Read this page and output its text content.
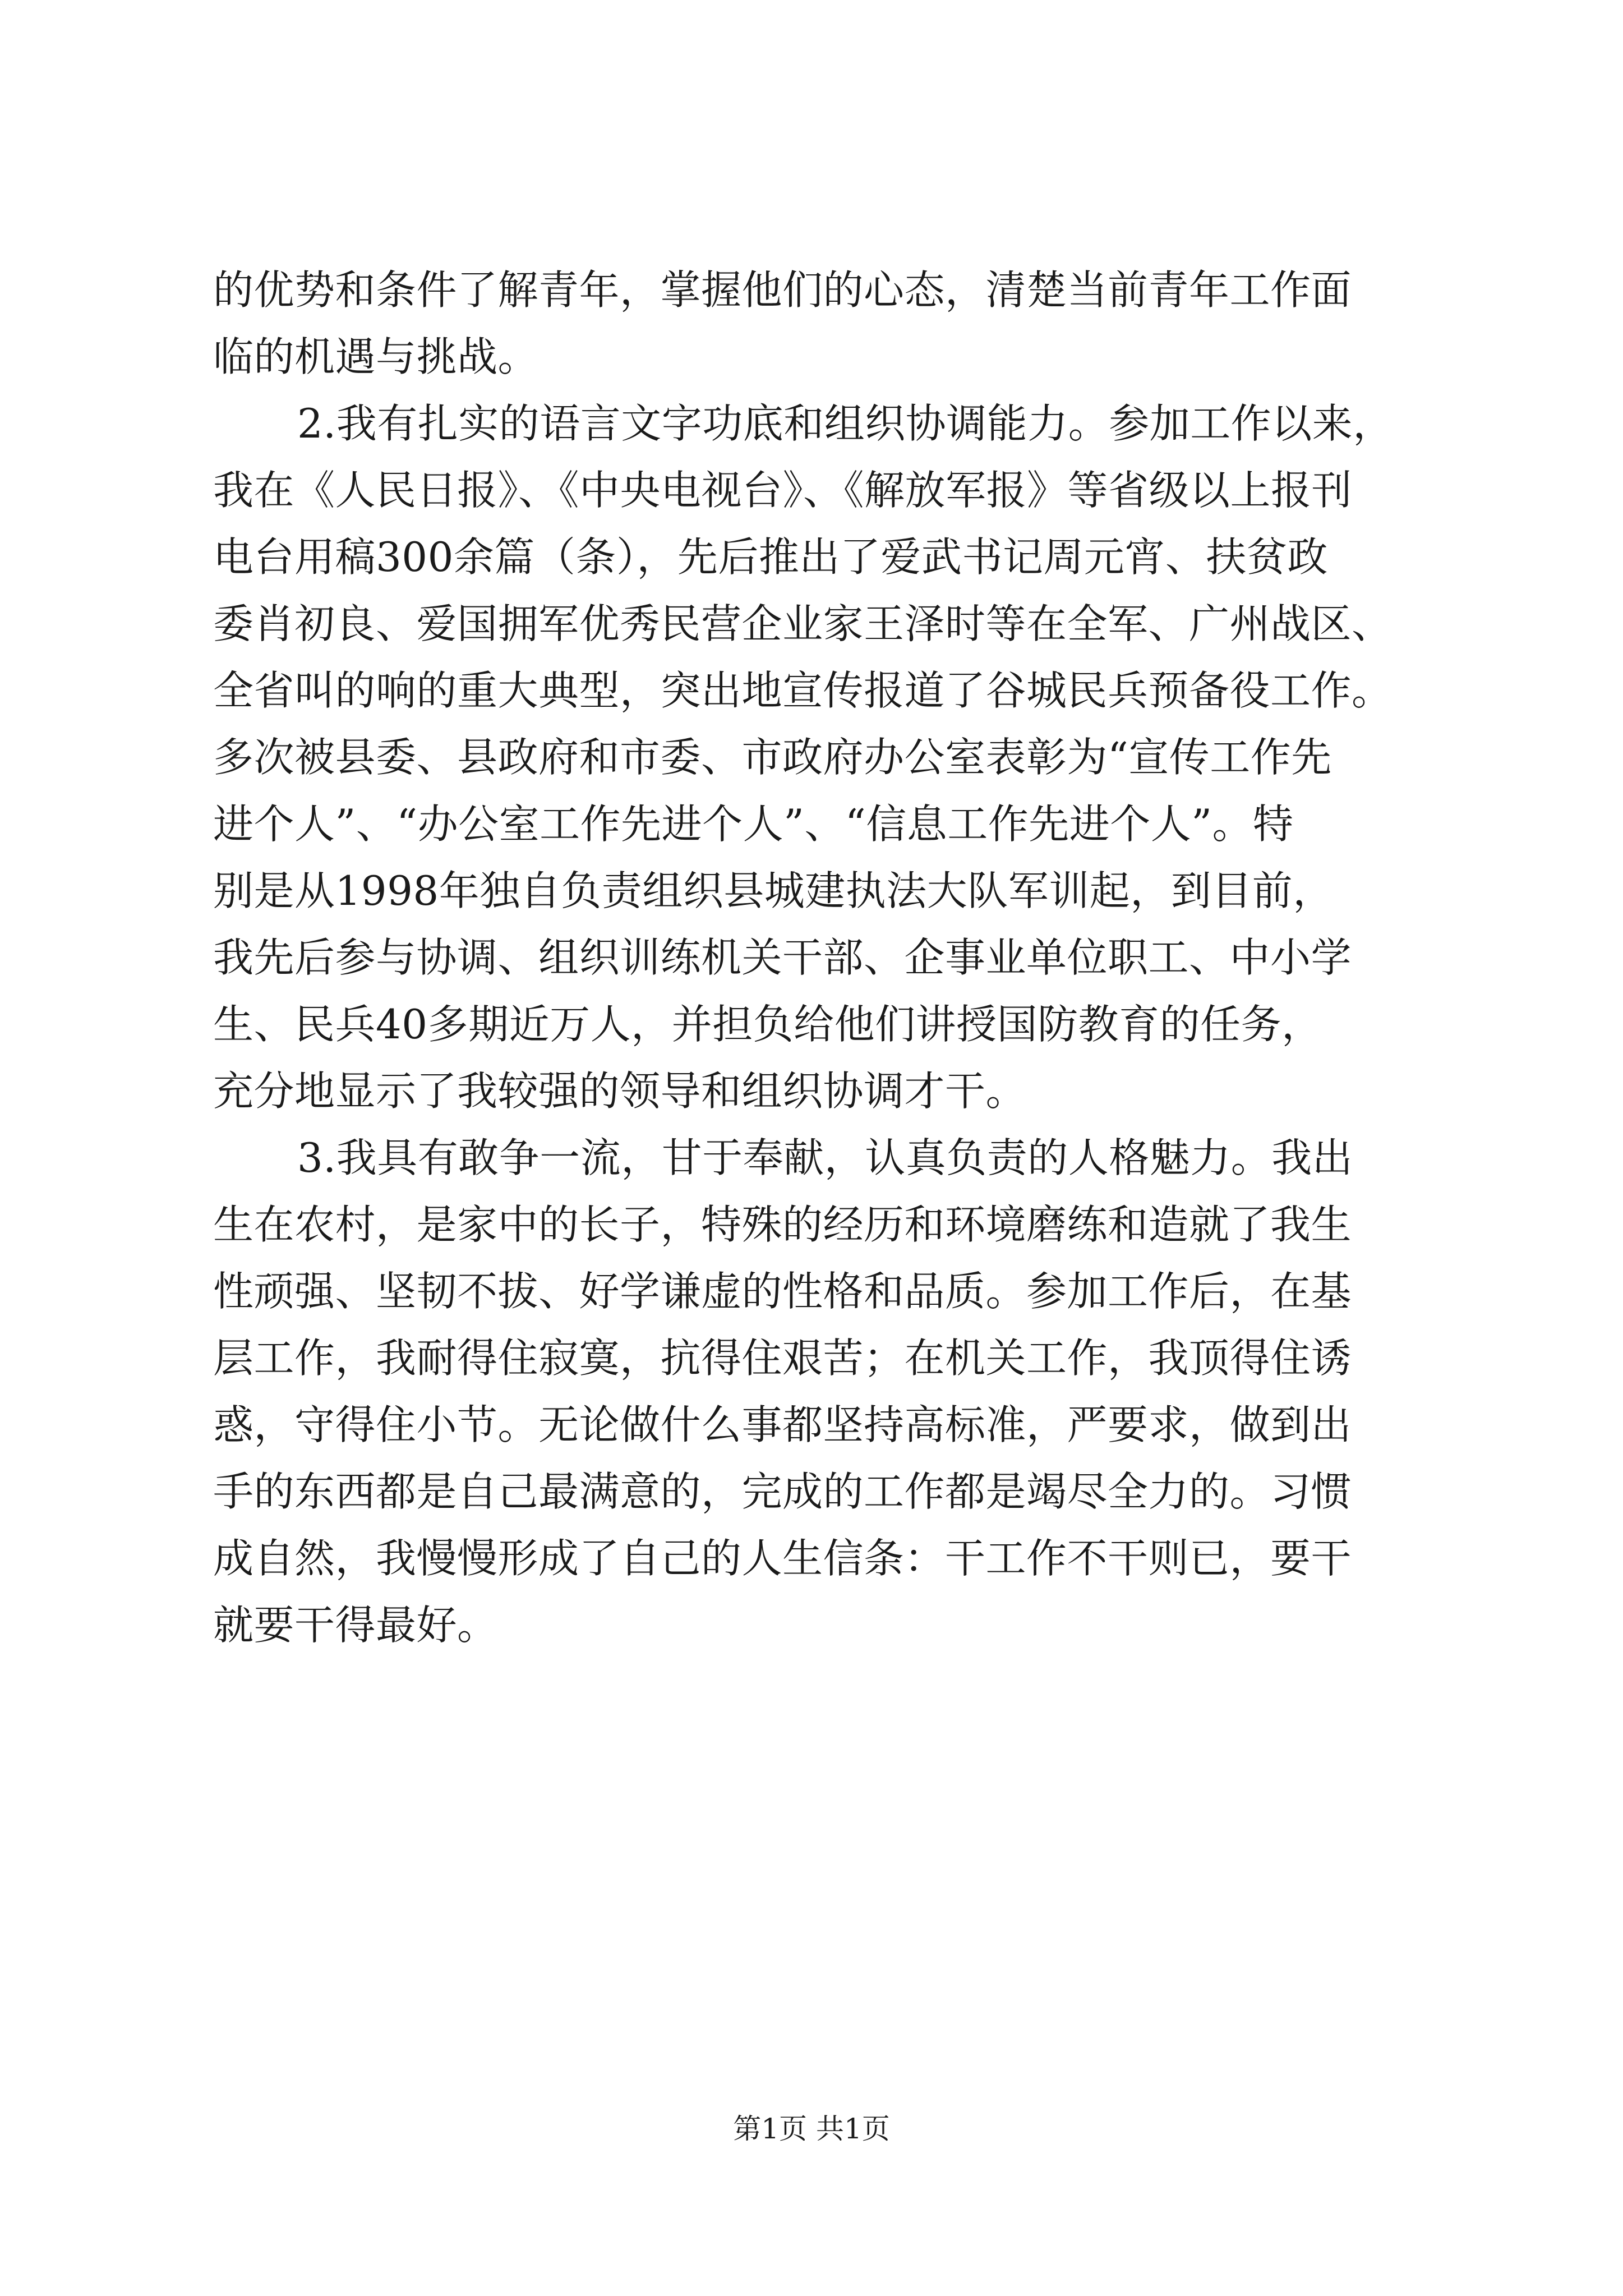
的优势和条件了解青年，掌握他们的心态，清楚当前青年工作面
临的机遇与挑战。
2.我有扎实的语言文字功底和组织协调能力。参加工作以来，
我在《人民日报》、《中央电视台》、《解放军报》等省级以上报刊
电台用稿300余篇（条），先后推出了爱武书记周元宵、扶贫政
委肖初良、爱国拥军优秀民营企业家王泽时等在全军、广州战区、
全省叫的响的重大典型，突出地宣传报道了谷城民兵预备役工作。
多次被县委、县政府和市委、市政府办公室表彰为“宣传工作先
进个人”、“办公室工作先进个人”、“信息工作先进个人”。特
别是从1998年独自负责组织县城建执法大队军训起，到目前，
我先后参与协调、组织训练机关干部、企事业单位职工、中小学
生、民兵40多期近万人，并担负给他们讲授国防教育的任务，
充分地显示了我较强的领导和组织协调才干。
3.我具有敢争一流，甘于奉献，认真负责的人格魅力。我出
生在农村，是家中的长子，特殊的经历和环境磨练和造就了我生
性顽强、坚韧不拔、好学谦虚的性格和品质。参加工作后，在基
层工作，我耐得住寂寞，抗得住艰苦；在机关工作，我顶得住诱
惑，守得住小节。无论做什么事都坚持高标准，严要求，做到出
手的东西都是自己最满意的，完成的工作都是竭尽全力的。习惯
成自然，我慢慢形成了自己的人生信条：干工作不干则已，要干
就要干得最好。
第1页 共1页
